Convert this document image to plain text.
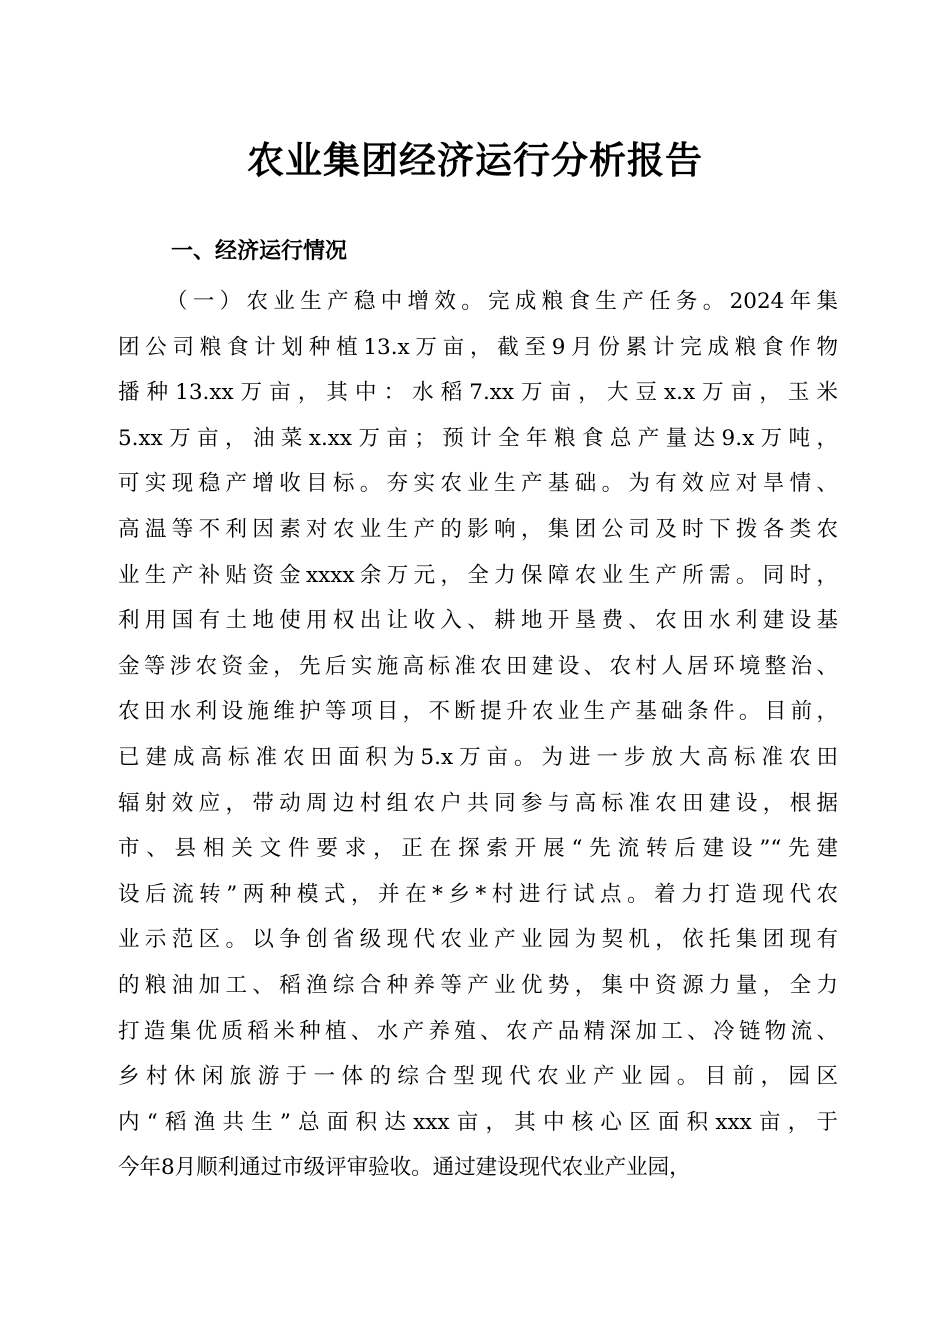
农业集团经济运行分析报告
一、经济运行情况
（一）农业生产稳中增效。完成粮食生产任务。2024年集
团公司粮食计划种植13.x万亩，截至9月份累计完成粮食作物
播种13.xx万亩，其中：水稻7.xx万亩，大豆x.x万亩，玉米
5.xx万亩，油菜x.xx万亩；预计全年粮食总产量达9.x万吨，
可实现稳产增收目标。夯实农业生产基础。为有效应对旱情、
高温等不利因素对农业生产的影响，集团公司及时下拨各类农
业生产补贴资金xxxx余万元，全力保障农业生产所需。同时，
利用国有土地使用权出让收入、耕地开垦费、农田水利建设基
金等涉农资金，先后实施高标准农田建设、农村人居环境整治、
农田水利设施维护等项目，不断提升农业生产基础条件。目前，
已建成高标准农田面积为5.x万亩。为进一步放大高标准农田
辐射效应，带动周边村组农户共同参与高标准农田建设，根据
市、县相关文件要求，正在探索开展“先流转后建设”“先建
设后流转”两种模式，并在*乡*村进行试点。着力打造现代农
业示范区。以争创省级现代农业产业园为契机，依托集团现有
的粮油加工、稻渔综合种养等产业优势，集中资源力量，全力
打造集优质稻米种植、水产养殖、农产品精深加工、冷链物流、
乡村休闲旅游于一体的综合型现代农业产业园。目前，园区
内“稻渔共生”总面积达xxx亩，其中核心区面积xxx亩，于
今年8月顺利通过市级评审验收。通过建设现代农业产业园，
